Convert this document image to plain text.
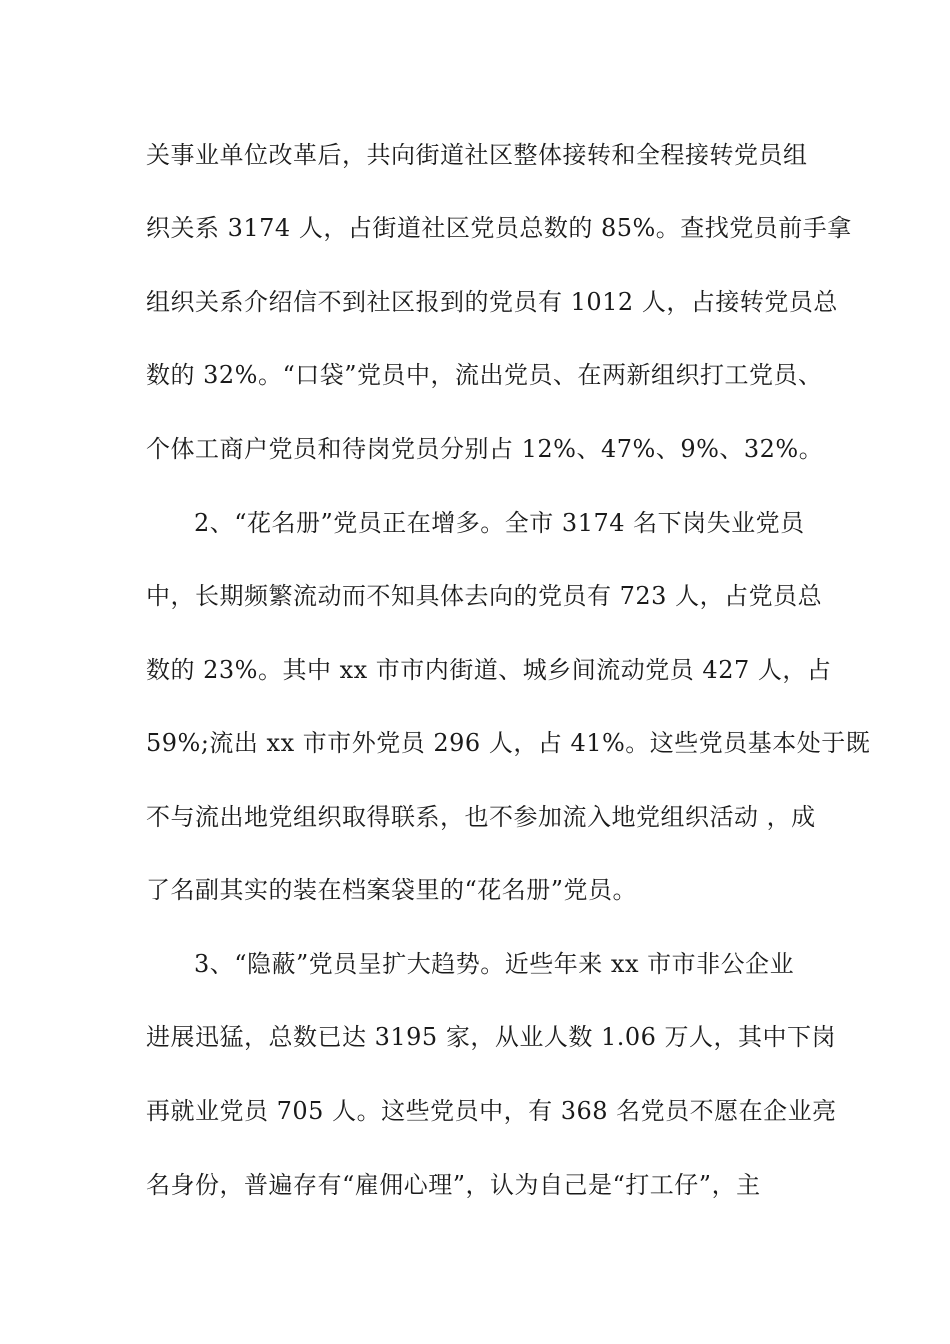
关事业单位改革后，共向街道社区整体接转和全程接转党员组
织关系 3174 人，占街道社区党员总数的 85%。查找党员前手拿
组织关系介绍信不到社区报到的党员有 1012 人，占接转党员总
数的 32%。“口袋”党员中，流出党员、在两新组织打工党员、
个体工商户党员和待岗党员分别占 12%、47%、9%、32%。
2、“花名册”党员正在增多。全市 3174 名下岗失业党员
中，长期频繁流动而不知具体去向的党员有 723 人，占党员总
数的 23%。其中 xx 市市内街道、城乡间流动党员 427 人，占
59%;流出 xx 市市外党员 296 人，占 41%。这些党员基本处于既
不与流出地党组织取得联系，也不参加流入地党组织活动 ，成
了名副其实的装在档案袋里的“花名册”党员。
3、“隐蔽”党员呈扩大趋势。近些年来 xx 市市非公企业
进展迅猛，总数已达 3195 家，从业人数 1.06 万人，其中下岗
再就业党员 705 人。这些党员中，有 368 名党员不愿在企业亮
名身份，普遍存有“雇佣心理”，认为自己是“打工仔”，主
